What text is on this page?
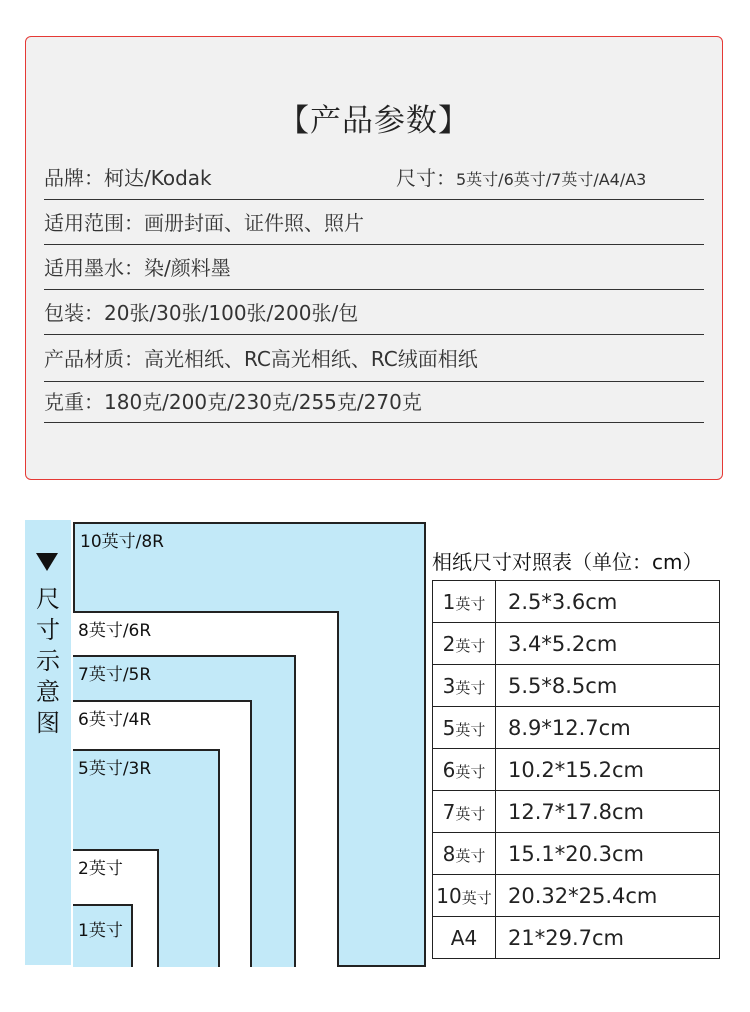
【产品参数】
品牌：柯达/Kodak	尺寸：5英寸/6英寸/7英寸/A4/A3
适用范围：画册封面、证件照、照片
适用墨水：染/颜料墨
包装：20张/30张/100张/200张/包
产品材质：高光相纸、RC高光相纸、RC绒面相纸
克重：180克/200克/230克/255克/270克
尺
寸
示
意
图
10英寸/8R
8英寸/6R
7英寸/5R
6英寸/4R
5英寸/3R
2英寸
1英寸
相纸尺寸对照表（单位：cm）
1英寸	2.5*3.6cm
2英寸	3.4*5.2cm
3英寸	5.5*8.5cm
5英寸	8.9*12.7cm
6英寸	10.2*15.2cm
7英寸	12.7*17.8cm
8英寸	15.1*20.3cm
10英寸	20.32*25.4cm
A4	21*29.7cm
